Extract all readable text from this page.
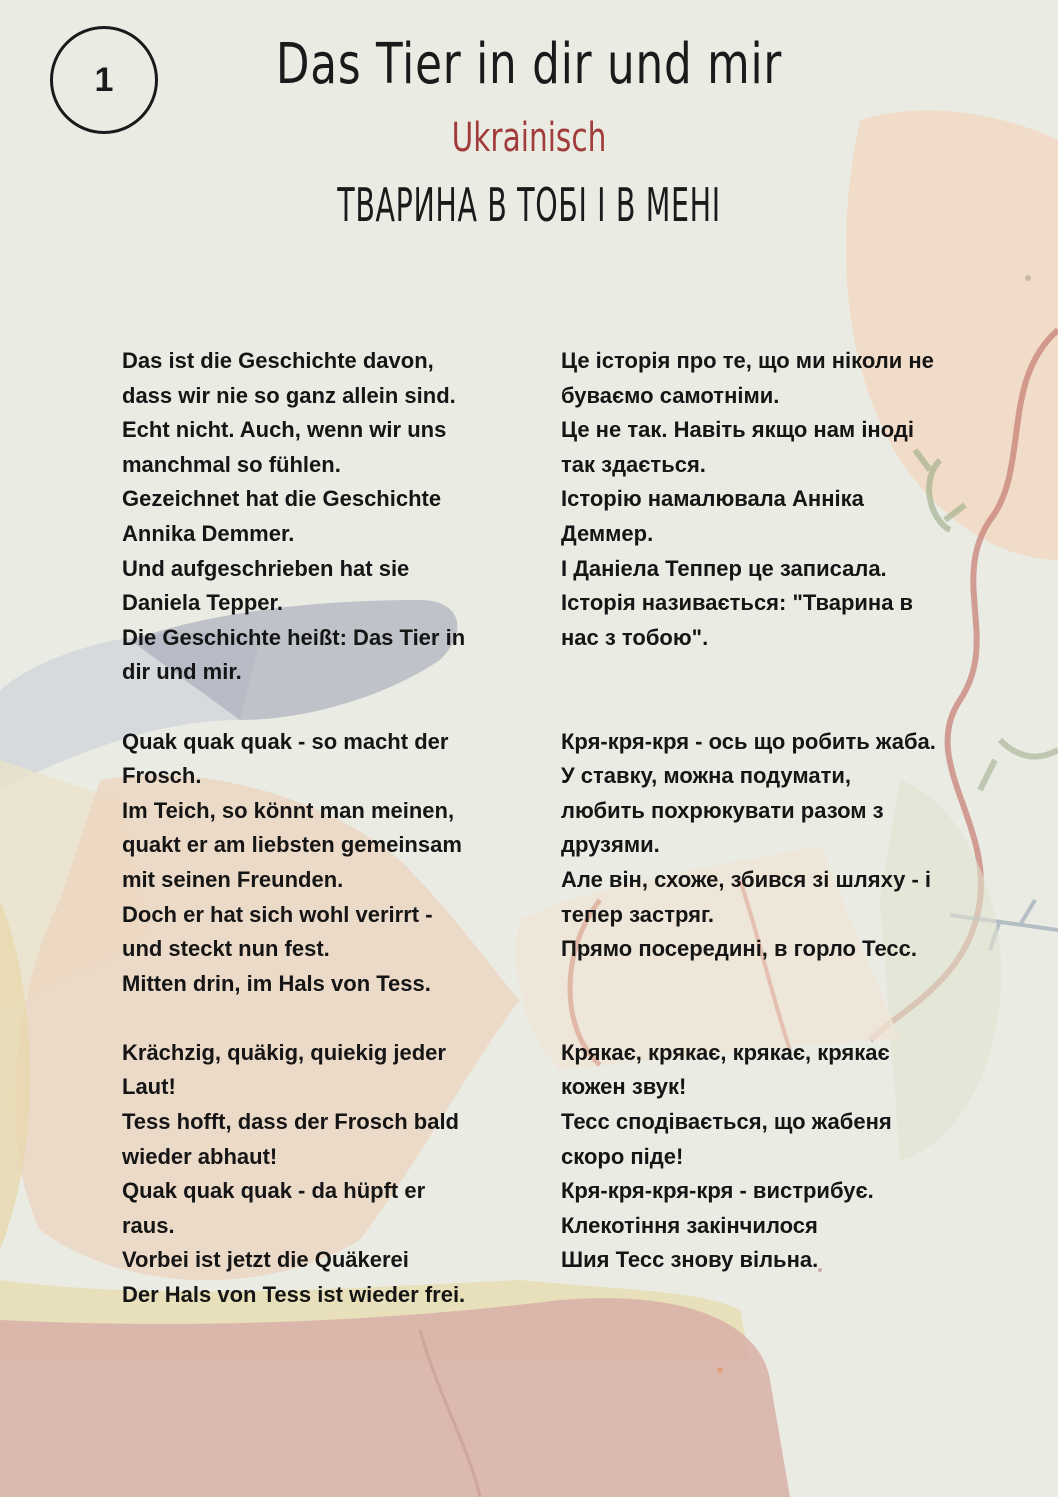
1	Das Tier in dir und mir
Ukrainisch
ТВАРИНА В ТОБІ І В МЕНІ

Das ist die Geschichte davon,
dass wir nie so ganz allein sind.
Echt nicht. Auch, wenn wir uns
manchmal so fühlen.
Gezeichnet hat die Geschichte
Annika Demmer.
Und aufgeschrieben hat sie
Daniela Tepper.
Die Geschichte heißt: Das Tier in
dir und mir.

Quak quak quak - so macht der
Frosch.
Im Teich, so könnt man meinen,
quakt er am liebsten gemeinsam
mit seinen Freunden.
Doch er hat sich wohl verirrt -
und steckt nun fest.
Mitten drin, im Hals von Tess.

Krächzig, quäkig, quiekig jeder
Laut!
Tess hofft, dass der Frosch bald
wieder abhaut!
Quak quak quak - da hüpft er
raus.
Vorbei ist jetzt die Quäkerei
Der Hals von Tess ist wieder frei.

Це історія про те, що ми ніколи не
буваємо самотніми.
Це не так. Навіть якщо нам іноді
так здається.
Історію намалювала Анніка
Деммер.
І Даніела Теппер це записала.
Історія називається: "Тварина в
нас з тобою".

Кря-кря-кря - ось що робить жаба.
У ставку, можна подумати,
любить похрюкувати разом з
друзями.
Але він, схоже, збився зі шляху - і
тепер застряг.
Прямо посередині, в горло Тесс.

Крякає, крякає, крякає, крякає
кожен звук!
Тесс сподівається, що жабеня
скоро піде!
Кря-кря-кря-кря - вистрибує.
Клекотіння закінчилося
Шия Тесс знову вільна.
